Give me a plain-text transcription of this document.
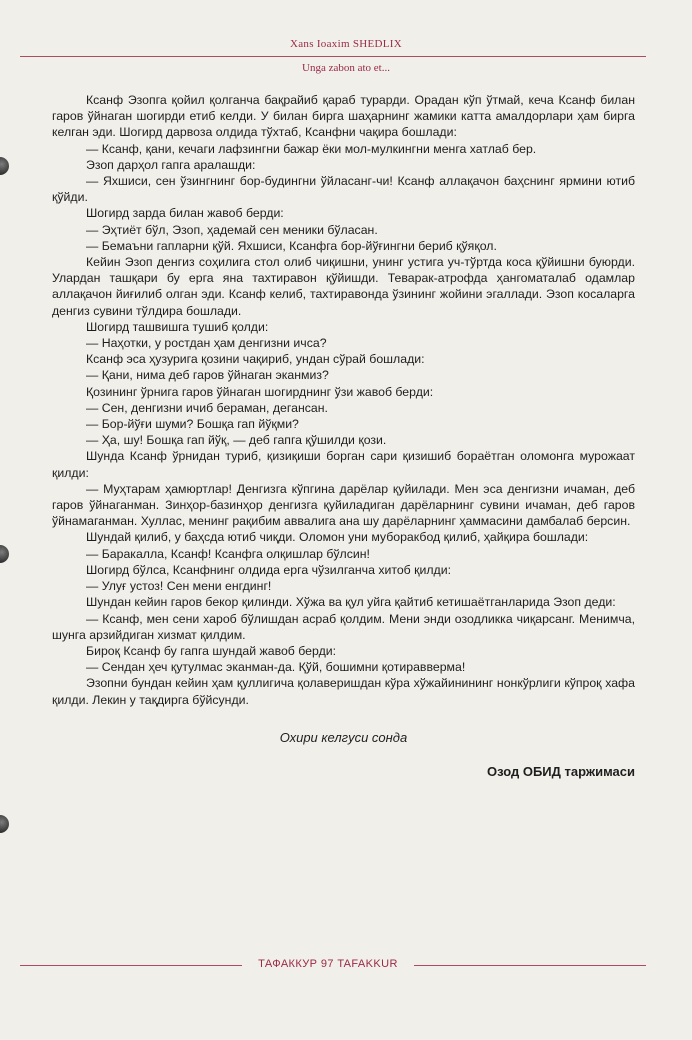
Xans Ioaxim SHEDLIX
Unga zabon ato et...

Ксанф Эзопга қойил қолганча бақрайиб қараб турарди. Орадан кўп ўтмай, кеча Ксанф билан гаров ўйнаган шогирди етиб келди. У билан бирга шаҳарнинг жамики катта амалдорлари ҳам бирга келган эди. Шогирд дарвоза олдида тўхтаб, Ксанфни чақира бошлади:

— Ксанф, қани, кечаги лафзингни бажар ёки мол-мулкингни менга хатлаб бер.

Эзоп дарҳол гапга аралашди:

— Яхшиси, сен ўзингнинг бор-будингни ўйласанг-чи! Ксанф аллақачон баҳснинг ярмини ютиб қўйди.

Шогирд зарда билан жавоб берди:

— Эҳтиёт бўл, Эзоп, ҳадемай сен меники бўласан.

— Бемаъни гапларни қўй. Яхшиси, Ксанфга бор-йўғингни бериб қўяқол.

Кейин Эзоп денгиз соҳилига стол олиб чиқишни, унинг устига уч-тўртда коса қўйишни буюрди. Улардан ташқари бу ерга яна тахтиравон қўйишди. Теварак-атрофда ҳангоматалаб одамлар аллақачон йиғилиб олган эди. Ксанф келиб, тахтиравонда ўзининг жойини эгаллади. Эзоп косаларга денгиз сувини тўлдира бошлади.

Шогирд ташвишга тушиб қолди:

— Наҳотки, у ростдан ҳам денгизни ичса?

Ксанф эса ҳузурига қозини чақириб, ундан сўрай бошлади:

— Қани, нима деб гаров ўйнаган эканмиз?

Қозининг ўрнига гаров ўйнаган шогирднинг ўзи жавоб берди:

— Сен, денгизни ичиб бераман, дегансан.

— Бор-йўғи шуми? Бошқа гап йўқми?

— Ҳа, шу! Бошқа гап йўқ, — деб гапга қўшилди қози.

Шунда Ксанф ўрнидан туриб, қизиқиши борган сари қизишиб бораётган оломонга мурожаат қилди:

— Муҳтарам ҳамюртлар! Денгизга кўпгина дарёлар қуйилади. Мен эса денгизни ичаман, деб гаров ўйнаганман. Зинҳор-базинҳор денгизга қуйиладиган дарёларнинг сувини ичаман, деб гаров ўйнамаганман. Хуллас, менинг рақибим аввалига ана шу дарёларнинг ҳаммасини дамбалаб берсин.

Шундай қилиб, у баҳсда ютиб чиқди. Оломон уни муборакбод қилиб, ҳайқира бошлади:

— Баракалла, Ксанф! Ксанфга олқишлар бўлсин!

Шогирд бўлса, Ксанфнинг олдида ерга чўзилганча хитоб қилди:

— Улуғ устоз! Сен мени енгдинг!

Шундан кейин гаров бекор қилинди. Хўжа ва қул уйга қайтиб кетишаётганларида Эзоп деди:

— Ксанф, мен сени хароб бўлишдан асраб қолдим. Мени энди озодликка чиқарсанг. Менимча, шунга арзийдиган хизмат қилдим.

Бироқ Ксанф бу гапга шундай жавоб берди:

— Сендан ҳеч қутулмас эканман-да. Қўй, бошимни қотиравверма!

Эзопни бундан кейин ҳам қуллигича қолаверишдан кўра хўжайинининг нонкўрлиги кўпроқ хафа қилди. Лекин у тақдирга бўйсунди.

Охири келгуси сонда

Озод ОБИД таржимаси

ТАФАККУР 97 TAFAKKUR
